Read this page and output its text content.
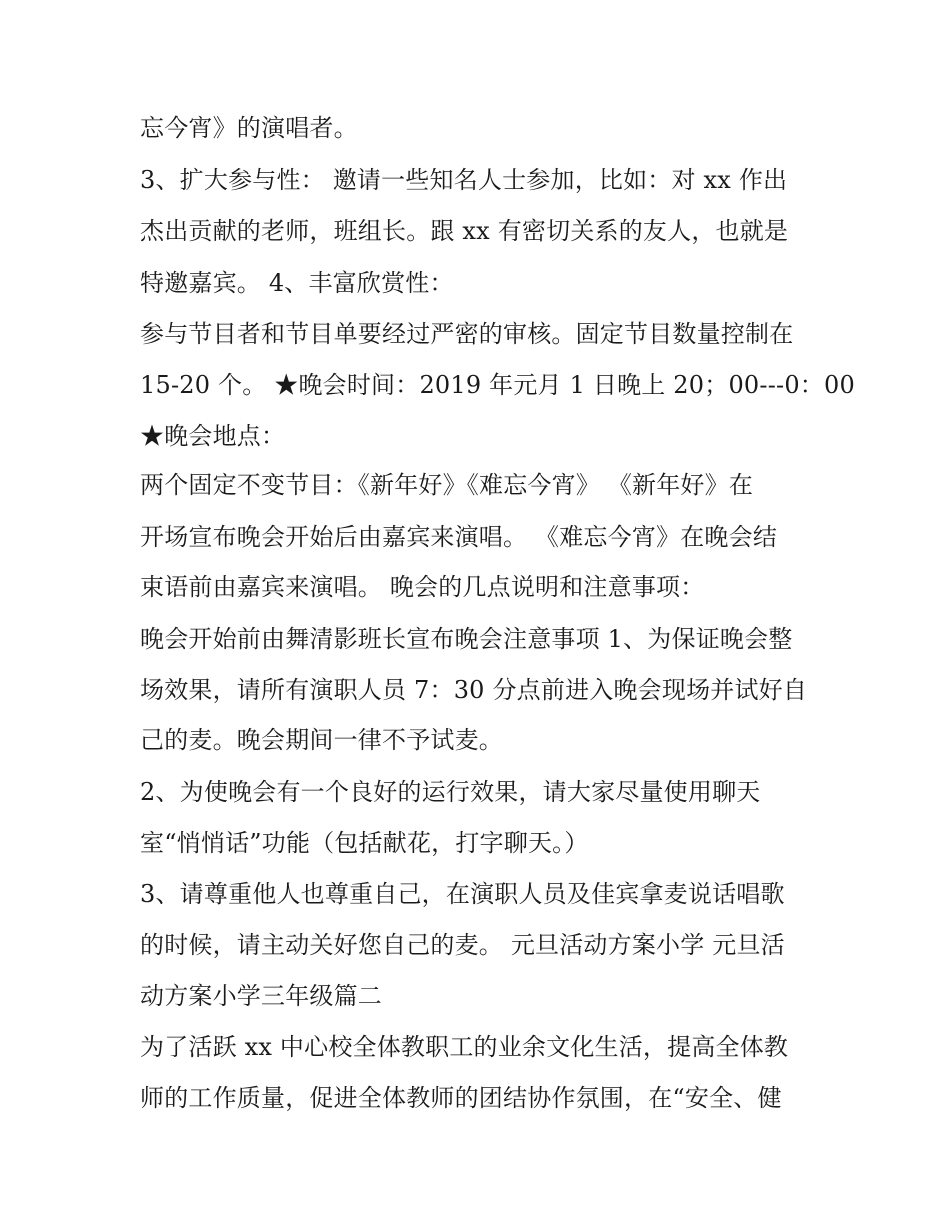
忘今宵》的演唱者。
3、扩大参与性： 邀请一些知名人士参加，比如：对 xx 作出
杰出贡献的老师，班组长。跟 xx 有密切关系的友人，也就是
特邀嘉宾。 4、丰富欣赏性：
参与节目者和节目单要经过严密的审核。固定节目数量控制在
15-20 个。 ★晚会时间：2019 年元月 1 日晚上 20；00---0：00
★晚会地点：
两个固定不变节目：《新年好》《难忘今宵》 《新年好》在
开场宣布晚会开始后由嘉宾来演唱。 《难忘今宵》在晚会结
束语前由嘉宾来演唱。 晚会的几点说明和注意事项：
晚会开始前由舞清影班长宣布晚会注意事项 1、为保证晚会整
场效果，请所有演职人员 7：30 分点前进入晚会现场并试好自
己的麦。晚会期间一律不予试麦。
2、为使晚会有一个良好的运行效果，请大家尽量使用聊天
室“悄悄话”功能（包括献花，打字聊天。）
3、请尊重他人也尊重自己，在演职人员及佳宾拿麦说话唱歌
的时候，请主动关好您自己的麦。 元旦活动方案小学 元旦活
动方案小学三年级篇二
为了活跃 xx 中心校全体教职工的业余文化生活，提高全体教
师的工作质量，促进全体教师的团结协作氛围，在“安全、健
